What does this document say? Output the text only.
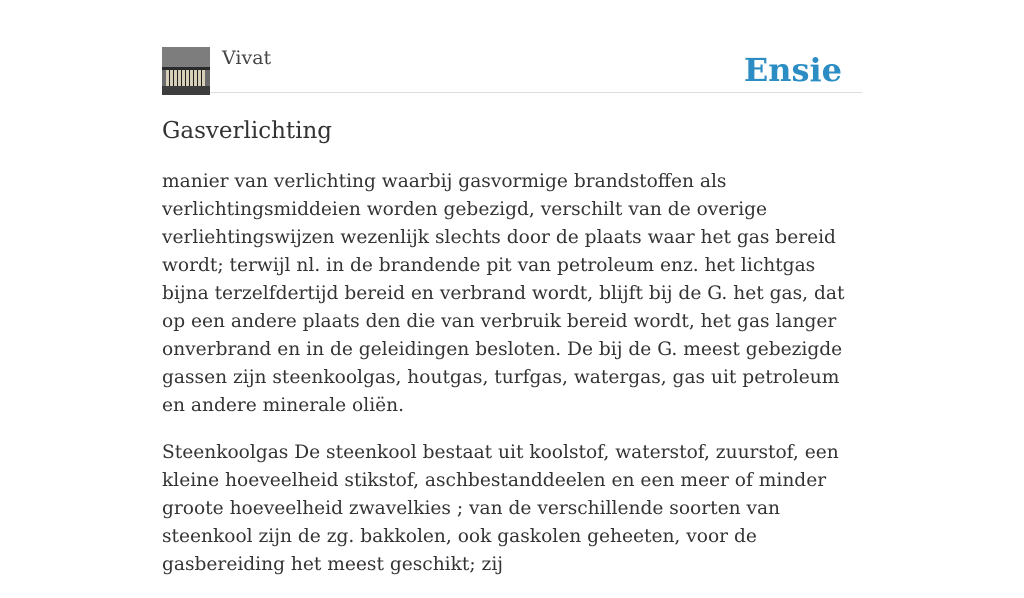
Vivat	Ensie
Gasverlichting

manier van verlichting waarbij gasvormige brandstoffen als verlichtingsmiddeien worden gebezigd, verschilt van de overige verliehtingswijzen wezenlijk slechts door de plaats waar het gas bereid wordt; terwijl nl. in de brandende pit van petroleum enz. het lichtgas bijna terzelfdertijd bereid en verbrand wordt, blijft bij de G. het gas, dat op een andere plaats den die van verbruik bereid wordt, het gas langer onverbrand en in de geleidingen besloten. De bij de G. meest gebezigde gassen zijn steenkoolgas, houtgas, turfgas, watergas, gas uit petroleum en andere minerale oliën.

Steenkoolgas De steenkool bestaat uit koolstof, waterstof, zuurstof, een kleine hoeveelheid stikstof, aschbestanddeelen en een meer of minder groote hoeveelheid zwavelkies ; van de verschillende soorten van steenkool zijn de zg. bakkolen, ook gaskolen geheeten, voor de gasbereiding het meest geschikt; zij
